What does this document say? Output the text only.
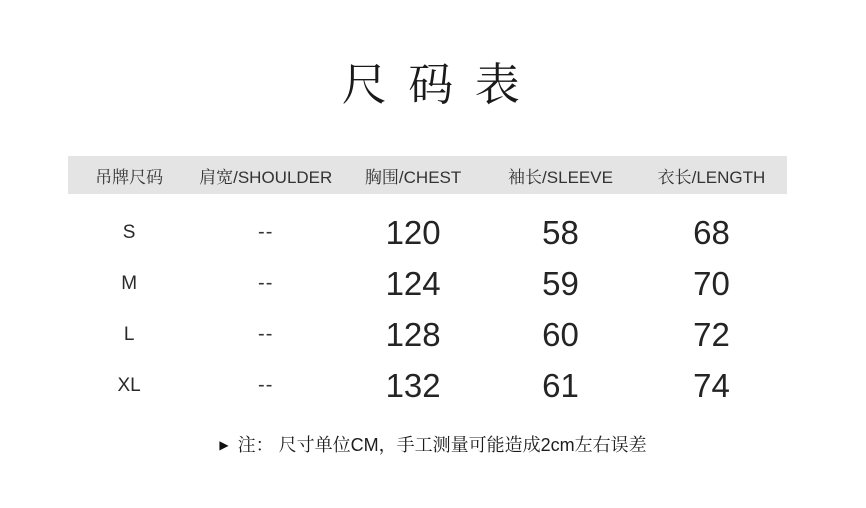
尺 码 表
吊牌尺码	肩宽/SHOULDER	胸围/CHEST	袖长/SLEEVE	衣长/LENGTH
S	--	120	58	68
M	--	124	59	70
L	--	128	60	72
XL	--	132	61	74
▶ 注： 尺寸单位CM，手工测量可能造成2cm左右误差
